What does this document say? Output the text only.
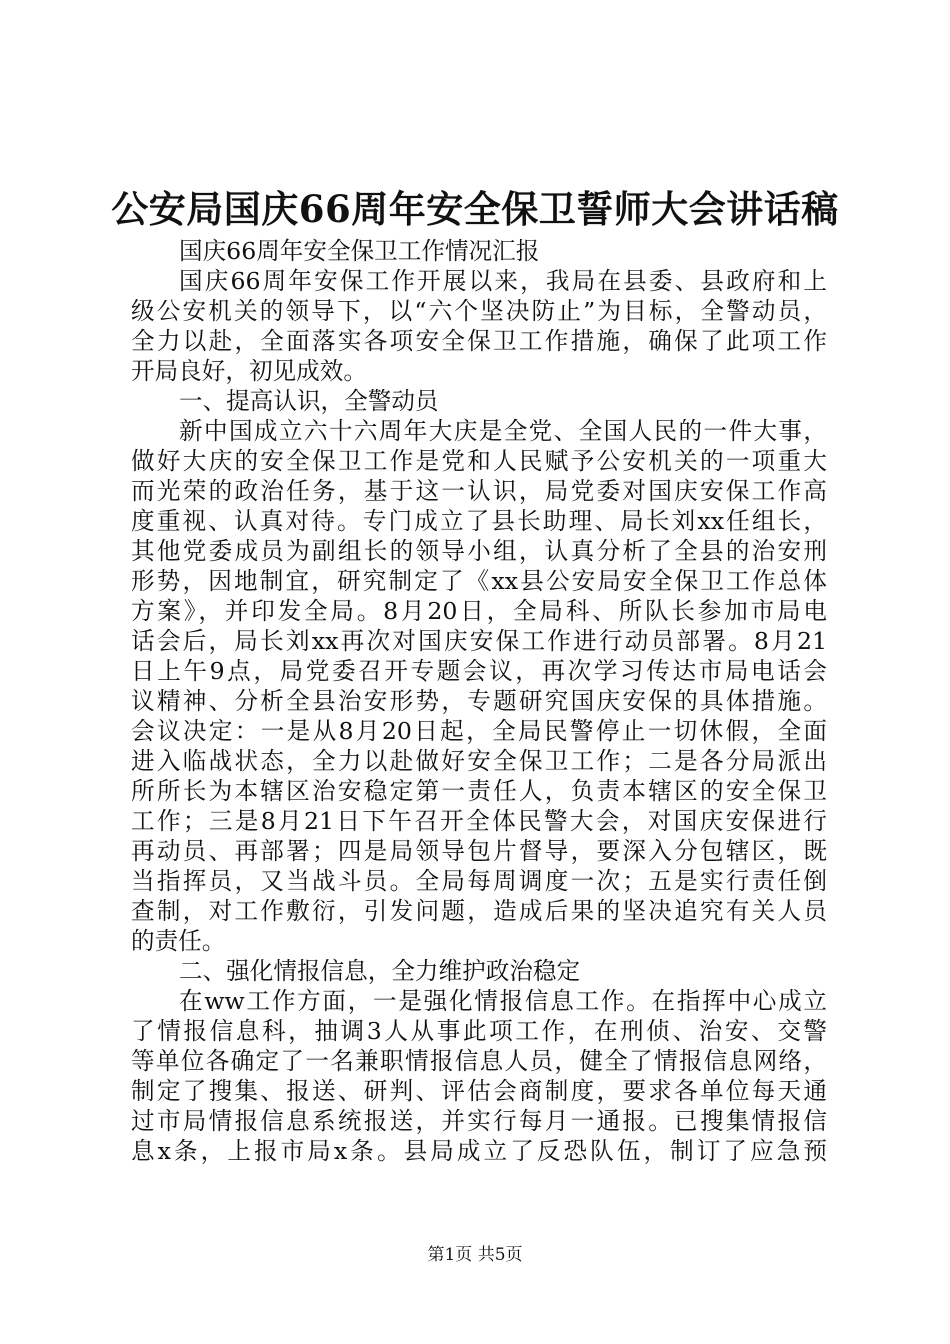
公安局国庆66周年安全保卫誓师大会讲话稿
国庆66周年安全保卫工作情况汇报
国庆66周年安保工作开展以来，我局在县委、县政府和上
级公安机关的领导下，以“六个坚决防止”为目标，全警动员，
全力以赴，全面落实各项安全保卫工作措施，确保了此项工作
开局良好，初见成效。
一、提高认识，全警动员
新中国成立六十六周年大庆是全党、全国人民的一件大事，
做好大庆的安全保卫工作是党和人民赋予公安机关的一项重大
而光荣的政治任务，基于这一认识，局党委对国庆安保工作高
度重视、认真对待。专门成立了县长助理、局长刘xx任组长，
其他党委成员为副组长的领导小组，认真分析了全县的治安刑
形势，因地制宜，研究制定了《xx县公安局安全保卫工作总体
方案》，并印发全局。8月20日，全局科、所队长参加市局电
话会后，局长刘xx再次对国庆安保工作进行动员部署。8月21
日上午9点，局党委召开专题会议，再次学习传达市局电话会
议精神、分析全县治安形势，专题研究国庆安保的具体措施。
会议决定：一是从8月20日起，全局民警停止一切休假，全面
进入临战状态，全力以赴做好安全保卫工作；二是各分局派出
所所长为本辖区治安稳定第一责任人，负责本辖区的安全保卫
工作；三是8月21日下午召开全体民警大会，对国庆安保进行
再动员、再部署；四是局领导包片督导，要深入分包辖区，既
当指挥员，又当战斗员。全局每周调度一次；五是实行责任倒
查制，对工作敷衍，引发问题，造成后果的坚决追究有关人员
的责任。
二、强化情报信息，全力维护政治稳定
在ww工作方面，一是强化情报信息工作。在指挥中心成立
了情报信息科，抽调3人从事此项工作，在刑侦、治安、交警
等单位各确定了一名兼职情报信息人员，健全了情报信息网络，
制定了搜集、报送、研判、评估会商制度，要求各单位每天通
过市局情报信息系统报送，并实行每月一通报。已搜集情报信
息x条，上报市局x条。县局成立了反恐队伍，制订了应急预
第1页 共5页
